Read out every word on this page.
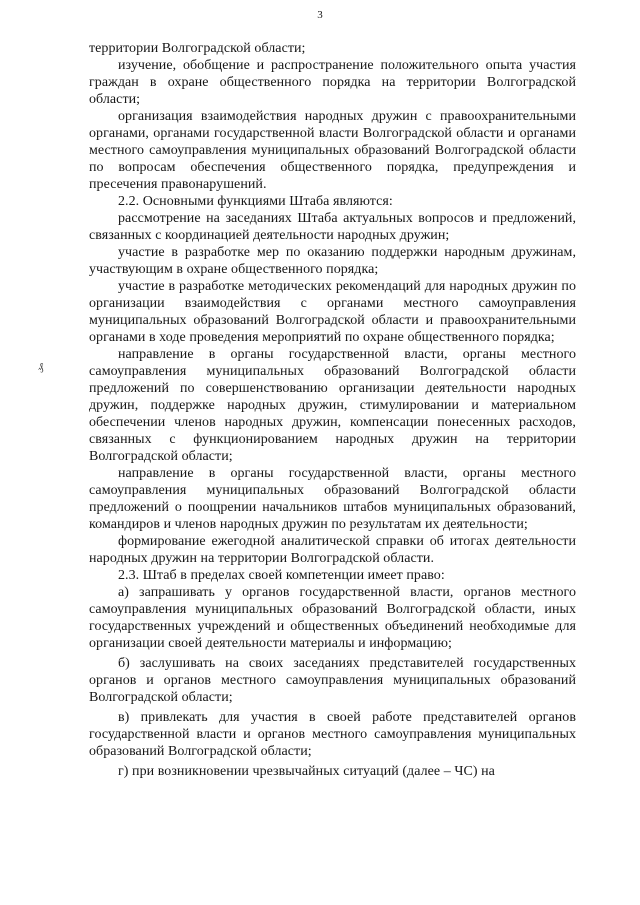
3
₰

территории Волгоградской области;

изучение, обобщение и распространение положительного опыта участия граждан в охране общественного порядка на территории Волгоградской области;

организация взаимодействия народных дружин с правоохранительными органами, органами государственной власти Волгоградской области и органами местного самоуправления муниципальных образований Волгоградской области по вопросам обеспечения общественного порядка, предупреждения и пресечения правонарушений.

2.2. Основными функциями Штаба являются:

рассмотрение на заседаниях Штаба актуальных вопросов и предложений, связанных с координацией деятельности народных дружин;

участие в разработке мер по оказанию поддержки народным дружинам, участвующим в охране общественного порядка;

участие в разработке методических рекомендаций для народных дружин по организации взаимодействия с органами местного самоуправления муниципальных образований Волгоградской области и правоохранительными органами в ходе проведения мероприятий по охране общественного порядка;

направление в органы государственной власти, органы местного самоуправления муниципальных образований Волгоградской области предложений по совершенствованию организации деятельности народных дружин, поддержке народных дружин, стимулировании и материальном обеспечении членов народных дружин, компенсации понесенных расходов, связанных с функционированием народных дружин на территории Волгоградской области;

направление в органы государственной власти, органы местного самоуправления муниципальных образований Волгоградской области предложений о поощрении начальников штабов муниципальных образований, командиров и членов народных дружин по результатам их деятельности;

формирование ежегодной аналитической справки об итогах деятельности народных дружин на территории Волгоградской области.

2.3. Штаб в пределах своей компетенции имеет право:

а) запрашивать у органов государственной власти, органов местного самоуправления муниципальных образований Волгоградской области, иных государственных учреждений и общественных объединений необходимые для организации своей деятельности материалы и информацию;

б) заслушивать на своих заседаниях представителей государственных органов и органов местного самоуправления муниципальных образований Волгоградской области;

в) привлекать для участия в своей работе представителей органов государственной власти и органов местного самоуправления муниципальных образований Волгоградской области;

г) при возникновении чрезвычайных ситуаций (далее – ЧС) на
